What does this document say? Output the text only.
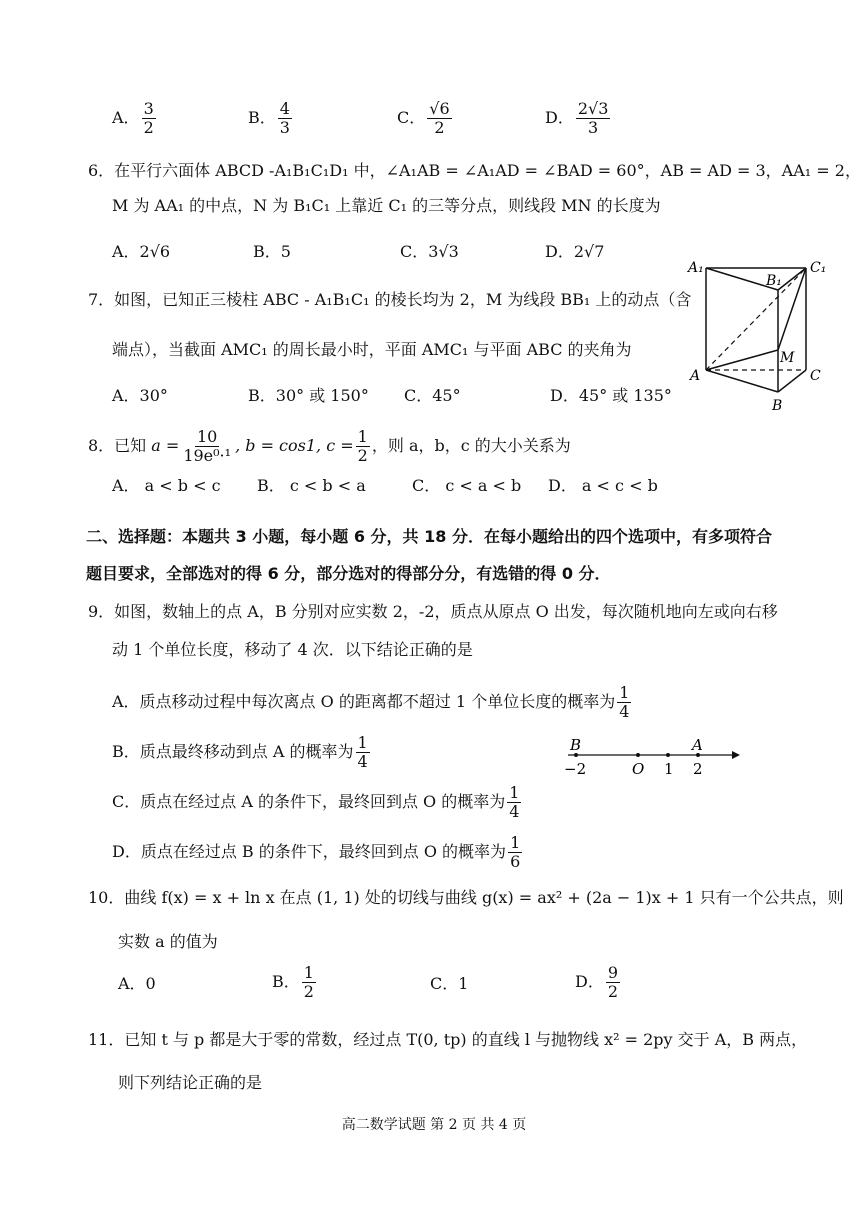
A． $\frac{3}{2}$	B． $\frac{4}{3}$	C． $\frac{√6}{2}$	D． $\frac{2√3}{3}$
6．在平行六面体 ABCD -A₁B₁C₁D₁ 中，∠A₁AB = ∠A₁AD = ∠BAD = 60°，AB = AD = 3，AA₁ = 2，
M 为 AA₁ 的中点，N 为 B₁C₁ 上靠近 C₁ 的三等分点，则线段 MN 的长度为
A．2√6	B．5	C．3√3	D．2√7
7．如图，已知正三棱柱 ABC - A₁B₁C₁ 的棱长均为 2，M 为线段 BB₁ 上的动点（含
端点），当截面 AMC₁ 的周长最小时，平面 AMC₁ 与平面 ABC 的夹角为
A．30°	B．30° 或 150° C．45°	D．45° 或 135°
A₁
B₁
C₁
A
B
C
M
8．已知 $a = \frac{10}{\text{19e⁰·¹}}$ , b = cos1, $c = \frac{1}{2}$ ，则 a，b，c 的大小关系为
A． a < b < c B． c < b < a	C． c < a < b D． a < c < b
二、选择题：本题共 3 小题，每小题 6 分，共 18 分．在每小题给出的四个选项中，有多项符合
题目要求，全部选对的得 6 分，部分选对的得部分分，有选错的得 0 分．
9．如图，数轴上的点 A，B 分别对应实数 2，-2，质点从原点 O 出发，每次随机地向左或向右移
动 1 个单位长度，移动了 4 次．以下结论正确的是
A．质点移动过程中每次离点 O 的距离都不超过 1 个单位长度的概率为 $\frac{1}{4}$
B．质点最终移动到点 A 的概率为 $\frac{1}{4}$
C．质点在经过点 A 的条件下，最终回到点 O 的概率为 $\frac{1}{4}$
D．质点在经过点 B 的条件下，最终回到点 O 的概率为 $\frac{1}{6}$
B	A
−2	O 1 2
10．曲线 f(x) = x + ln x 在点 (1, 1) 处的切线与曲线 g(x) = ax² + (2a − 1)x + 1 只有一个公共点，则
实数 a 的值为
A．0	B． $\frac{1}{2}$	C．1	D． $\frac{9}{2}$
11．已知 t 与 p 都是大于零的常数，经过点 T(0, tp) 的直线 l 与抛物线 x² = 2py 交于 A，B 两点，
则下列结论正确的是
高二数学试题 第 2 页 共 4 页
